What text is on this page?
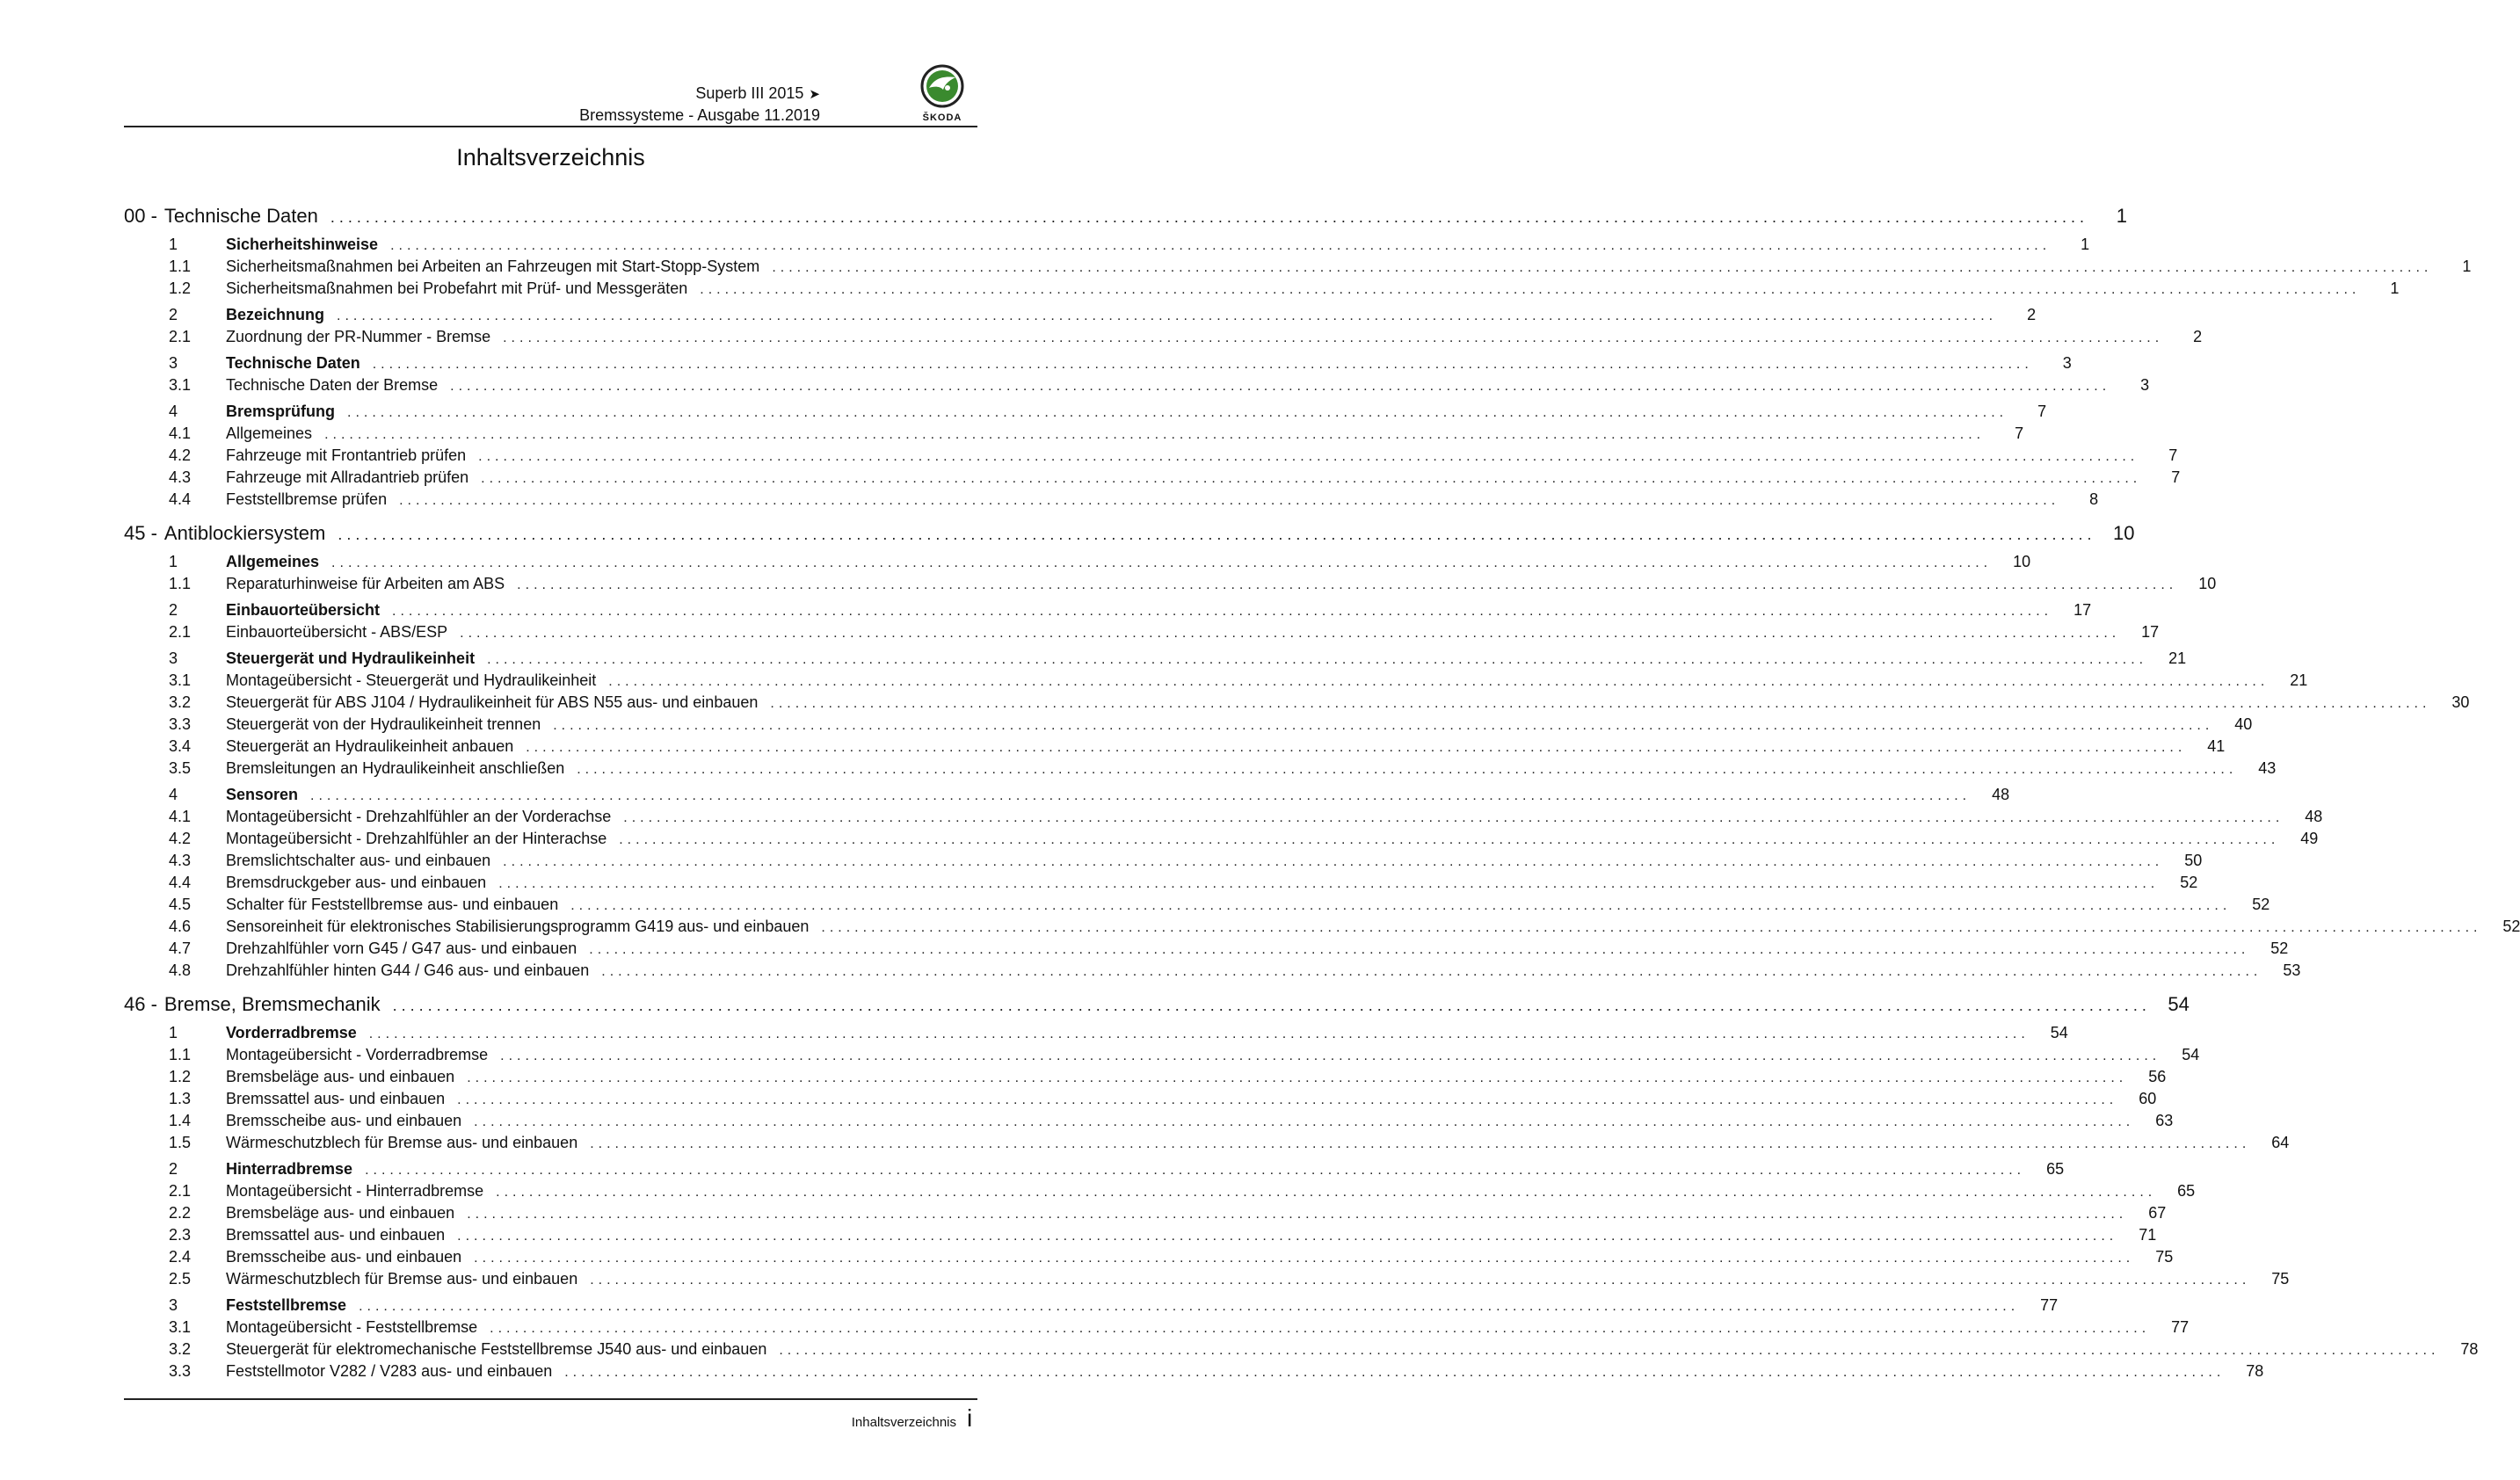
Superb III 2015 ➤
Bremssysteme - Ausgabe 11.2019	ŠKODA
Inhaltsverzeichnis
00 - Technische Daten ........................................................................................................................................................................................................	1
1	Sicherheitshinweise ........................................................................................................................................................................................................	1
1.1	Sicherheitsmaßnahmen bei Arbeiten an Fahrzeugen mit Start-Stopp-System ........................................................................................................................................................................................................	1
1.2	Sicherheitsmaßnahmen bei Probefahrt mit Prüf- und Messgeräten ........................................................................................................................................................................................................	1
2	Bezeichnung ........................................................................................................................................................................................................	2
2.1	Zuordnung der PR-Nummer - Bremse ........................................................................................................................................................................................................	2
3	Technische Daten ........................................................................................................................................................................................................	3
3.1	Technische Daten der Bremse ........................................................................................................................................................................................................	3
4	Bremsprüfung ........................................................................................................................................................................................................	7
4.1	Allgemeines ........................................................................................................................................................................................................	7
4.2	Fahrzeuge mit Frontantrieb prüfen ........................................................................................................................................................................................................	7
4.3	Fahrzeuge mit Allradantrieb prüfen ........................................................................................................................................................................................................	7
4.4	Feststellbremse prüfen ........................................................................................................................................................................................................	8
45 - Antiblockiersystem ........................................................................................................................................................................................................ 10
1	Allgemeines ........................................................................................................................................................................................................	10
1.1	Reparaturhinweise für Arbeiten am ABS ........................................................................................................................................................................................................	10
2	Einbauorteübersicht ........................................................................................................................................................................................................	17
2.1	Einbauorteübersicht - ABS/ESP ........................................................................................................................................................................................................	17
3	Steuergerät und Hydraulikeinheit ........................................................................................................................................................................................................	21
3.1	Montageübersicht - Steuergerät und Hydraulikeinheit ........................................................................................................................................................................................................	21
3.2	Steuergerät für ABS J104 / Hydraulikeinheit für ABS N55 aus- und einbauen ........................................................................................................................................................................................................	30
3.3	Steuergerät von der Hydraulikeinheit trennen ........................................................................................................................................................................................................	40
3.4	Steuergerät an Hydraulikeinheit anbauen ........................................................................................................................................................................................................	41
3.5	Bremsleitungen an Hydraulikeinheit anschließen ........................................................................................................................................................................................................	43
4	Sensoren ........................................................................................................................................................................................................	48
4.1	Montageübersicht - Drehzahlfühler an der Vorderachse ........................................................................................................................................................................................................	48
4.2	Montageübersicht - Drehzahlfühler an der Hinterachse ........................................................................................................................................................................................................	49
4.3	Bremslichtschalter aus- und einbauen ........................................................................................................................................................................................................	50
4.4	Bremsdruckgeber aus- und einbauen ........................................................................................................................................................................................................	52
4.5	Schalter für Feststellbremse aus- und einbauen ........................................................................................................................................................................................................	52
4.6	Sensoreinheit für elektronisches Stabilisierungsprogramm G419 aus- und einbauen ........................................................................................................................................................................................................	52
4.7	Drehzahlfühler vorn G45 / G47 aus- und einbauen ........................................................................................................................................................................................................	52
4.8	Drehzahlfühler hinten G44 / G46 aus- und einbauen ........................................................................................................................................................................................................	53
46 - Bremse, Bremsmechanik ........................................................................................................................................................................................................ 54
1	Vorderradbremse ........................................................................................................................................................................................................	54
1.1	Montageübersicht - Vorderradbremse ........................................................................................................................................................................................................	54
1.2	Bremsbeläge aus- und einbauen ........................................................................................................................................................................................................	56
1.3	Bremssattel aus- und einbauen ........................................................................................................................................................................................................	60
1.4	Bremsscheibe aus- und einbauen ........................................................................................................................................................................................................	63
1.5	Wärmeschutzblech für Bremse aus- und einbauen ........................................................................................................................................................................................................	64
2	Hinterradbremse ........................................................................................................................................................................................................	65
2.1	Montageübersicht - Hinterradbremse ........................................................................................................................................................................................................	65
2.2	Bremsbeläge aus- und einbauen ........................................................................................................................................................................................................	67
2.3	Bremssattel aus- und einbauen ........................................................................................................................................................................................................	71
2.4	Bremsscheibe aus- und einbauen ........................................................................................................................................................................................................	75
2.5	Wärmeschutzblech für Bremse aus- und einbauen ........................................................................................................................................................................................................	75
3	Feststellbremse ........................................................................................................................................................................................................	77
3.1	Montageübersicht - Feststellbremse ........................................................................................................................................................................................................	77
3.2	Steuergerät für elektromechanische Feststellbremse J540 aus- und einbauen ........................................................................................................................................................................................................	78
3.3	Feststellmotor V282 / V283 aus- und einbauen ........................................................................................................................................................................................................	78
Inhaltsverzeichnis i
